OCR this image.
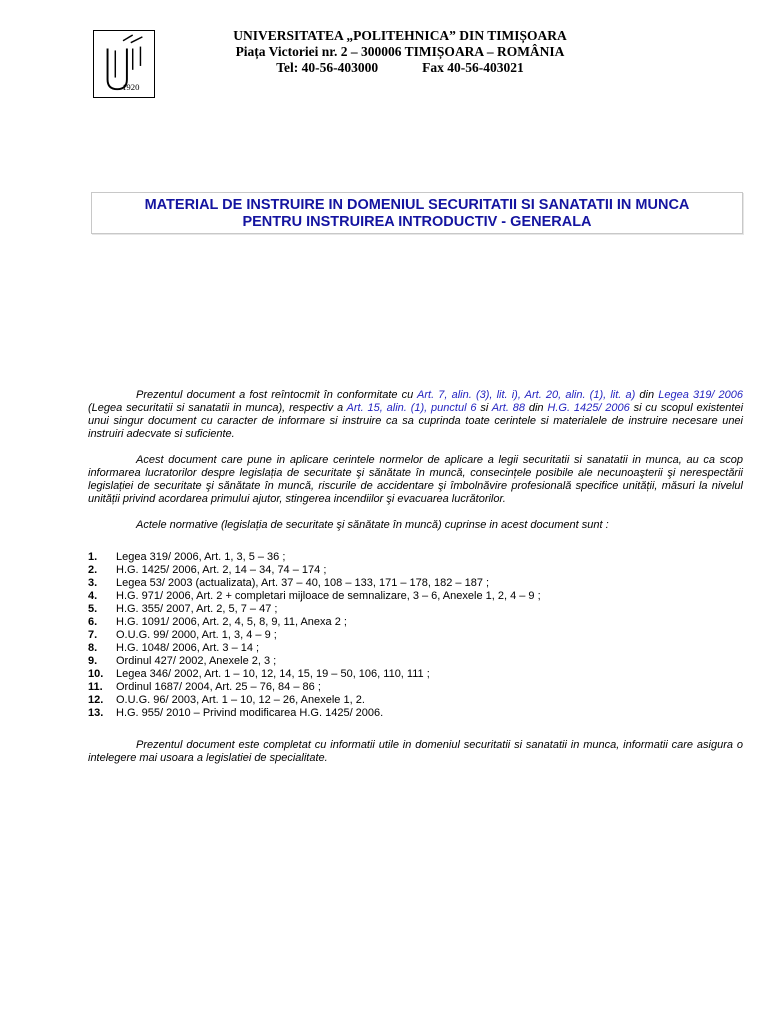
1920
UNIVERSITATEA „POLITEHNICA” DIN TIMIȘOARA
Piața Victoriei nr. 2 – 300006 TIMIȘOARA – ROMÂNIA
Tel: 40-56-403000	Fax 40-56-403021
MATERIAL DE INSTRUIRE IN DOMENIUL SECURITATII SI SANATATII IN MUNCA
PENTRU INSTRUIREA INTRODUCTIV - GENERALA

Prezentul document a fost reîntocmit în conformitate cu Art. 7, alin. (3), lit. i), Art. 20, alin. (1), lit. a) din Legea 319/ 2006 (Legea securitatii si sanatatii in munca), respectiv a Art. 15, alin. (1), punctul 6 si Art. 88 din H.G. 1425/ 2006 si cu scopul existentei unui singur document cu caracter de informare si instruire ca sa cuprinda toate cerintele si materialele de instruire necesare unei instruiri adecvate si suficiente.

Acest document care pune in aplicare cerintele normelor de aplicare a legii securitatii si sanatatii in munca, au ca scop informarea lucratorilor despre legislația de securitate şi sănătate în muncă, consecințele posibile ale necunoaşterii şi nerespectării legislației de securitate şi sănătate în muncă, riscurile de accidentare şi îmbolnăvire profesională specifice unității, măsuri la nivelul unității privind acordarea primului ajutor, stingerea incendiilor şi evacuarea lucrătorilor.

Actele normative (legislația de securitate şi sănătate în muncă) cuprinse in acest document sunt :

1.	Legea 319/ 2006, Art. 1, 3, 5 – 36 ;
2.	H.G. 1425/ 2006, Art. 2, 14 – 34, 74 – 174 ;
3.	Legea 53/ 2003 (actualizata), Art. 37 – 40, 108 – 133, 171 – 178, 182 – 187 ;
4.	H.G. 971/ 2006, Art. 2 + completari mijloace de semnalizare, 3 – 6, Anexele 1, 2, 4 – 9 ;
5.	H.G. 355/ 2007, Art. 2, 5, 7 – 47 ;
6.	H.G. 1091/ 2006, Art. 2, 4, 5, 8, 9, 11, Anexa 2 ;
7.	O.U.G. 99/ 2000, Art. 1, 3, 4 – 9 ;
8.	H.G. 1048/ 2006, Art. 3 – 14 ;
9.	Ordinul 427/ 2002, Anexele 2, 3 ;
10.	Legea 346/ 2002, Art. 1 – 10, 12, 14, 15, 19 – 50, 106, 110, 111 ;
11.	Ordinul 1687/ 2004, Art. 25 – 76, 84 – 86 ;
12.	O.U.G. 96/ 2003, Art. 1 – 10, 12 – 26, Anexele 1, 2.
13.	H.G. 955/ 2010 – Privind modificarea H.G. 1425/ 2006.

Prezentul document este completat cu informatii utile in domeniul securitatii si sanatatii in munca, informatii care asigura o intelegere mai usoara a legislatiei de specialitate.
